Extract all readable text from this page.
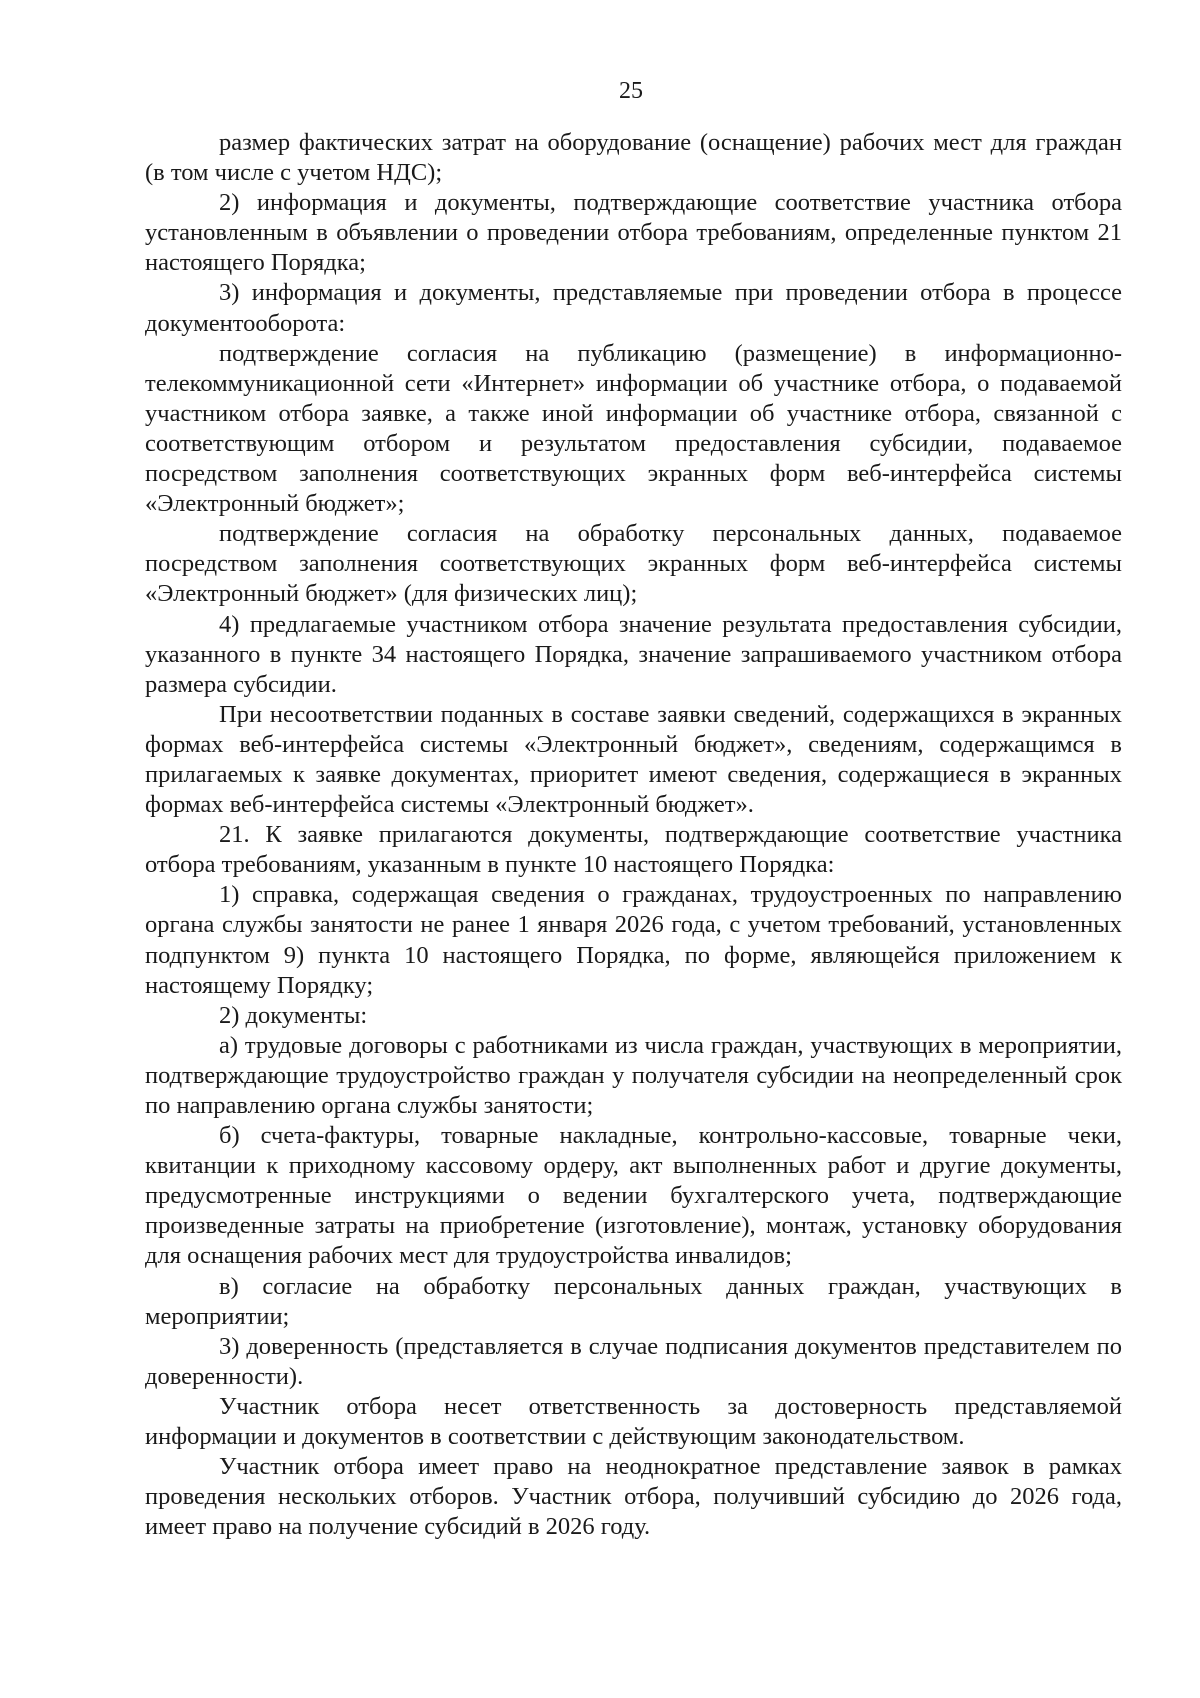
25

размер фактических затрат на оборудование (оснащение) рабочих мест для граждан (в том числе с учетом НДС);

2) информация и документы, подтверждающие соответствие участника отбора установленным в объявлении о проведении отбора требованиям, определенные пунктом 21 настоящего Порядка;

3) информация и документы, представляемые при проведении отбора в процессе документооборота:

подтверждение согласия на публикацию (размещение) в информационно-телекоммуникационной сети «Интернет» информации об участнике отбора, о подаваемой участником отбора заявке, а также иной информации об участнике отбора, связанной с соответствующим отбором и результатом предоставления субсидии, подаваемое посредством заполнения соответствующих экранных форм веб-интерфейса системы «Электронный бюджет»;

подтверждение согласия на обработку персональных данных, подаваемое посредством заполнения соответствующих экранных форм веб-интерфейса системы «Электронный бюджет» (для физических лиц);

4) предлагаемые участником отбора значение результата предоставления субсидии, указанного в пункте 34 настоящего Порядка, значение запрашиваемого участником отбора размера субсидии.

При несоответствии поданных в составе заявки сведений, содержащихся в экранных формах веб-интерфейса системы «Электронный бюджет», сведениям, содержащимся в прилагаемых к заявке документах, приоритет имеют сведения, содержащиеся в экранных формах веб-интерфейса системы «Электронный бюджет».

21. К заявке прилагаются документы, подтверждающие соответствие участника отбора требованиям, указанным в пункте 10 настоящего Порядка:

1) справка, содержащая сведения о гражданах, трудоустроенных по направлению органа службы занятости не ранее 1 января 2026 года, с учетом требований, установленных подпунктом 9) пункта 10 настоящего Порядка, по форме, являющейся приложением к настоящему Порядку;

2) документы:

а) трудовые договоры с работниками из числа граждан, участвующих в мероприятии, подтверждающие трудоустройство граждан у получателя субсидии на неопределенный срок по направлению органа службы занятости;

б) счета-фактуры, товарные накладные, контрольно-кассовые, товарные чеки, квитанции к приходному кассовому ордеру, акт выполненных работ и другие документы, предусмотренные инструкциями о ведении бухгалтерского учета, подтверждающие произведенные затраты на приобретение (изготовление), монтаж, установку оборудования для оснащения рабочих мест для трудоустройства инвалидов;

в) согласие на обработку персональных данных граждан, участвующих в мероприятии;

3) доверенность (представляется в случае подписания документов представителем по доверенности).

Участник отбора несет ответственность за достоверность представляемой информации и документов в соответствии с действующим законодательством.

Участник отбора имеет право на неоднократное представление заявок в рамках проведения нескольких отборов. Участник отбора, получивший субсидию до 2026 года, имеет право на получение субсидий в 2026 году.
